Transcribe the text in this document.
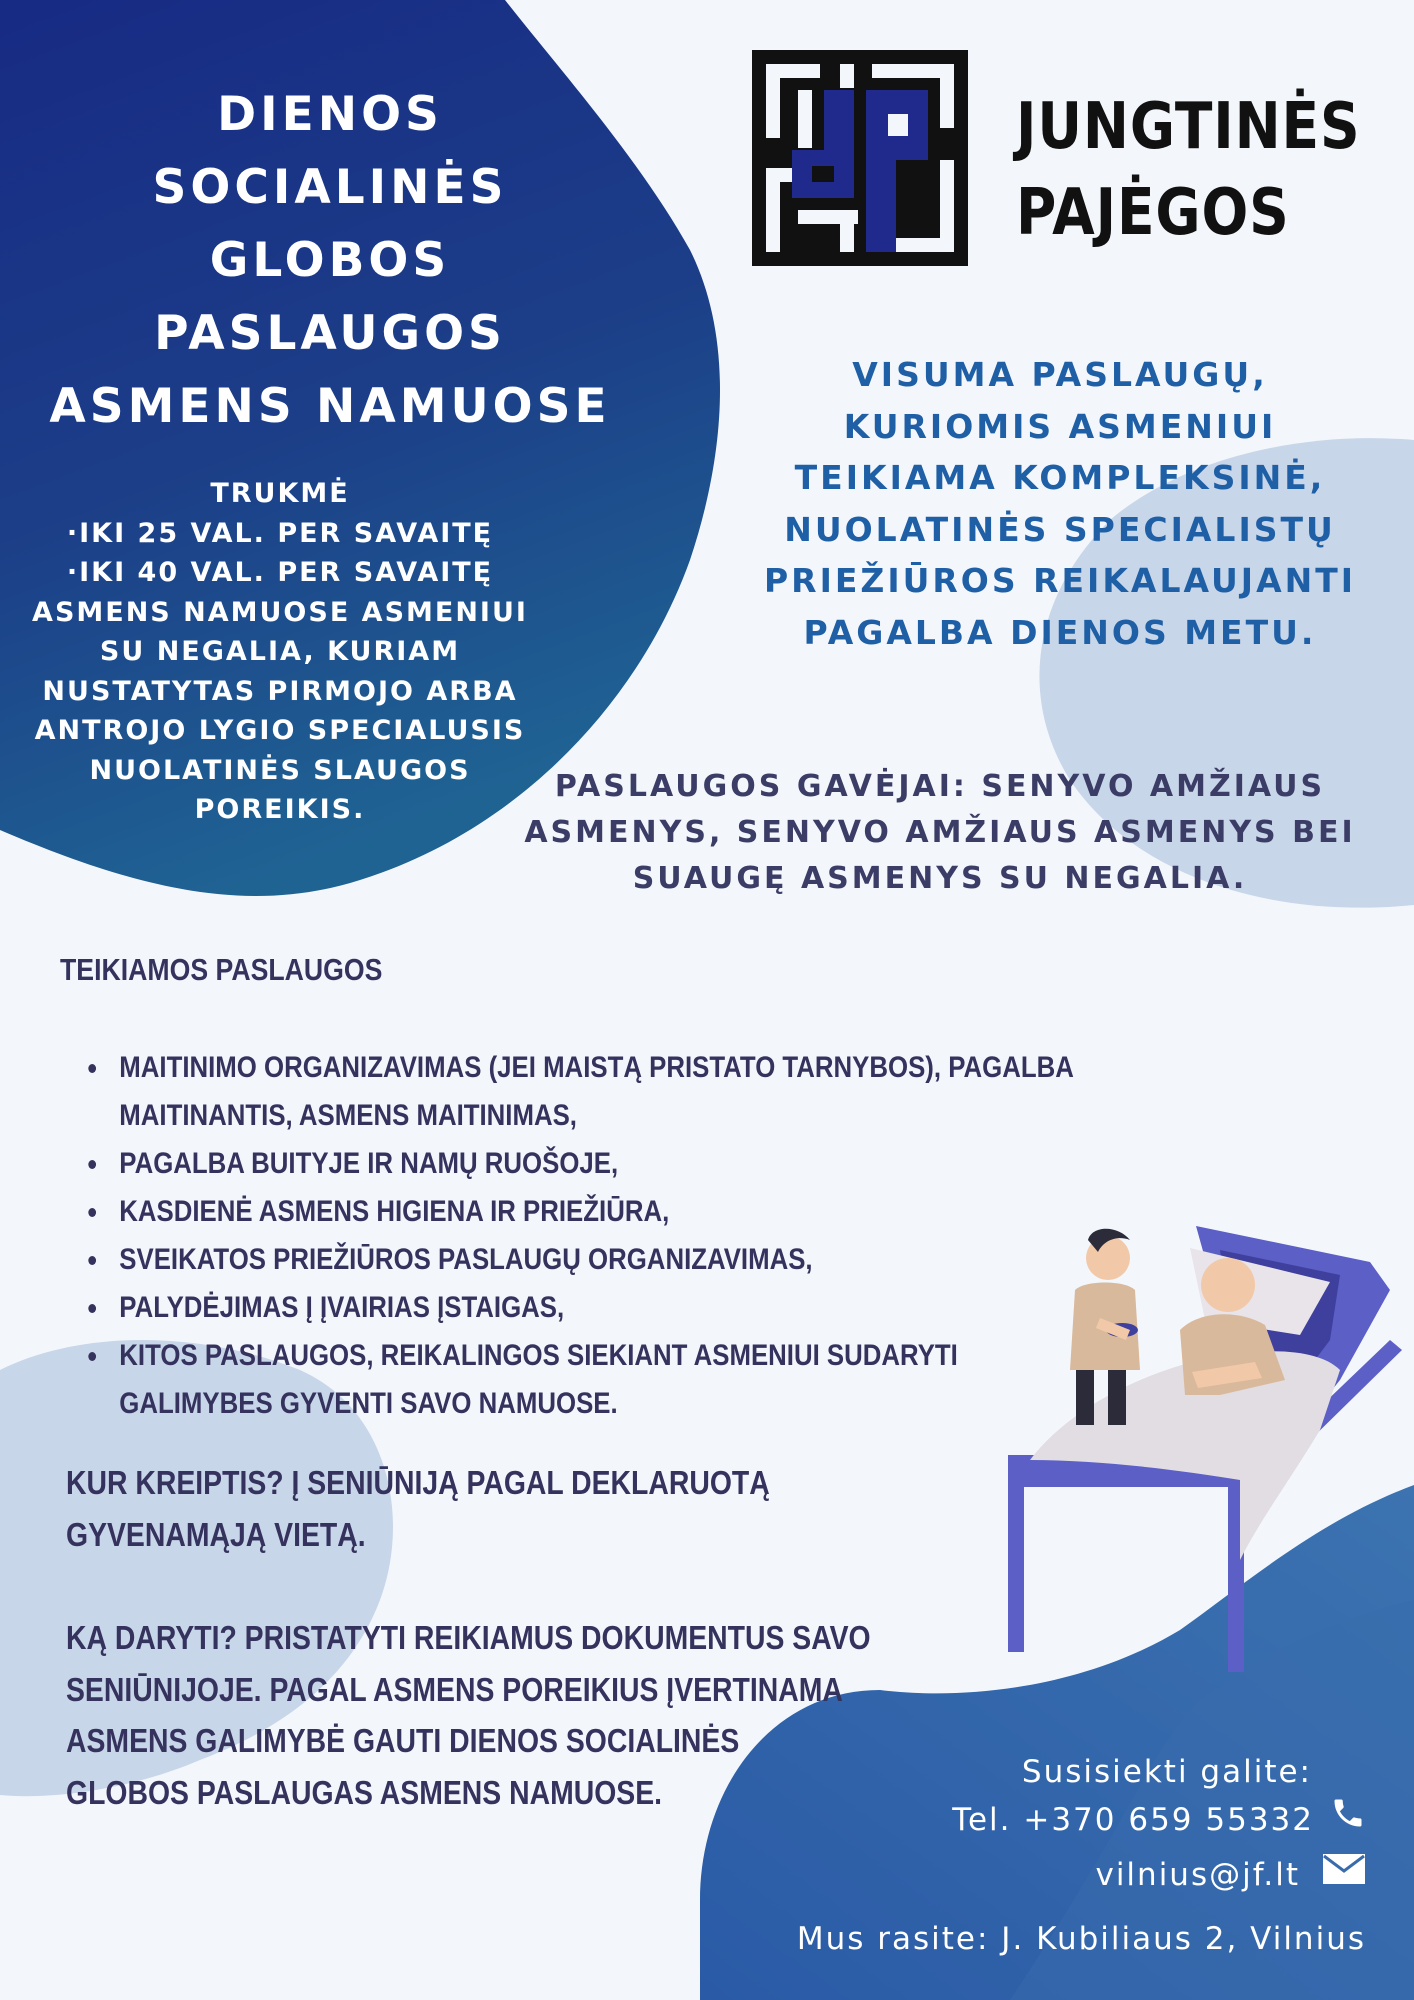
DIENOS
SOCIALINĖS
GLOBOS
PASLAUGOS
ASMENS NAMUOSE
TRUKMĖ
·IKI 25 VAL. PER SAVAITĘ
·IKI 40 VAL. PER SAVAITĘ
ASMENS NAMUOSE ASMENIUI
SU NEGALIA, KURIAM
NUSTATYTAS PIRMOJO ARBA
ANTROJO LYGIO SPECIALUSIS
NUOLATINĖS SLAUGOS
POREIKIS.
JUNGTINĖS
PAJĖGOS
VISUMA PASLAUGŲ,
KURIOMIS ASMENIUI
TEIKIAMA KOMPLEKSINĖ,
NUOLATINĖS SPECIALISTŲ
PRIEŽIŪROS REIKALAUJANTI
PAGALBA DIENOS METU.
PASLAUGOS GAVĖJAI: SENYVO AMŽIAUS
ASMENYS, SENYVO AMŽIAUS ASMENYS BEI
SUAUGĘ ASMENYS SU NEGALIA.
TEIKIAMOS PASLAUGOS
MAITINIMO ORGANIZAVIMAS (JEI MAISTĄ PRISTATO TARNYBOS), PAGALBA
MAITINANTIS, ASMENS MAITINIMAS,
PAGALBA BUITYJE IR NAMŲ RUOŠOJE,
KASDIENĖ ASMENS HIGIENA IR PRIEŽIŪRA,
SVEIKATOS PRIEŽIŪROS PASLAUGŲ ORGANIZAVIMAS,
PALYDĖJIMAS Į ĮVAIRIAS ĮSTAIGAS,
KITOS PASLAUGOS, REIKALINGOS SIEKIANT ASMENIUI SUDARYTI
GALIMYBES GYVENTI SAVO NAMUOSE.
KUR KREIPTIS? Į SENIŪNIJĄ PAGAL DEKLARUOTĄ
GYVENAMĄJĄ VIETĄ.
KĄ DARYTI? PRISTATYTI REIKIAMUS DOKUMENTUS SAVO
SENIŪNIJOJE. PAGAL ASMENS POREIKIUS ĮVERTINAMA
ASMENS GALIMYBĖ GAUTI DIENOS SOCIALINĖS
GLOBOS PASLAUGAS ASMENS NAMUOSE.
Susisiekti galite:
Tel. +370 659 55332
vilnius@jf.lt
Mus rasite: J. Kubiliaus 2, Vilnius
